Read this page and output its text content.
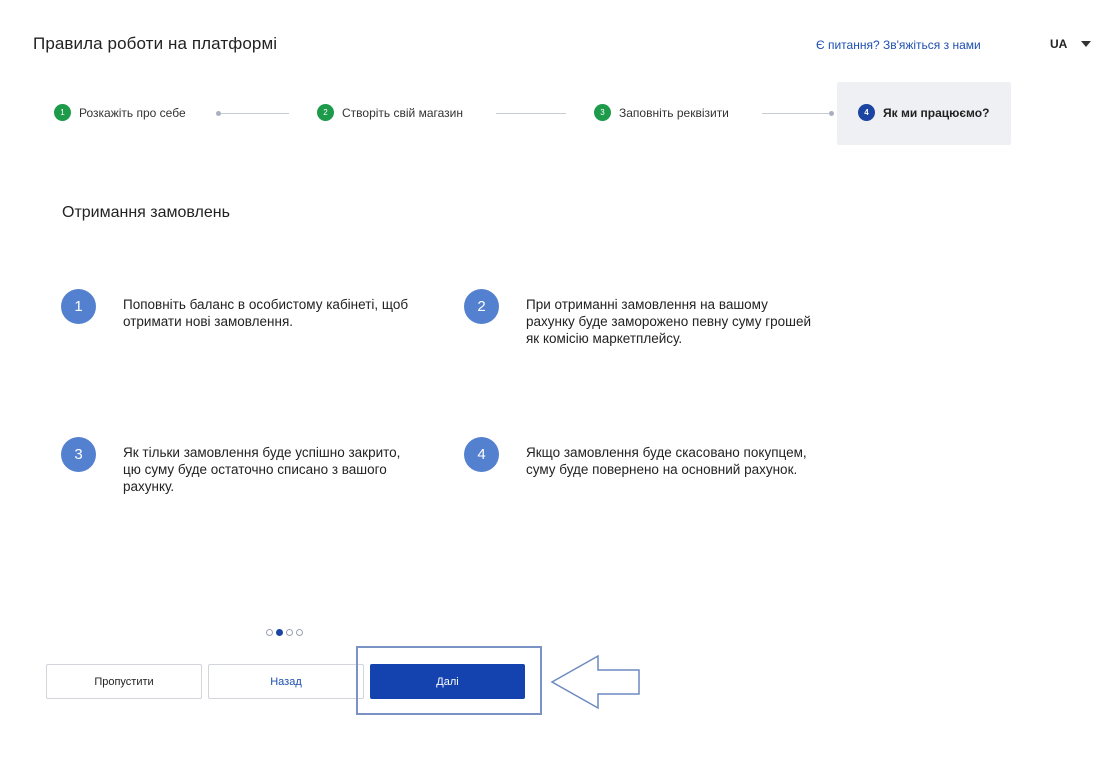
Правила роботи на платформі	Є питання? Зв'яжіться з нами	UA
1	Розкажіть про себе	2	Створіть свій магазин	3	Заповніть реквізити	4	Як ми працюємо?
Отримання замовлень
1	Поповніть баланс в особистому кабінеті, щоб отримати нові замовлення.
2	При отриманні замовлення на вашому рахунку буде заморожено певну суму грошей як комісію маркетплейсу.
3	Як тільки замовлення буде успішно закрито, цю суму буде остаточно списано з вашого рахунку.
4	Якщо замовлення буде скасовано покупцем, суму буде повернено на основний рахунок.
Пропустити	Назад	Далі
